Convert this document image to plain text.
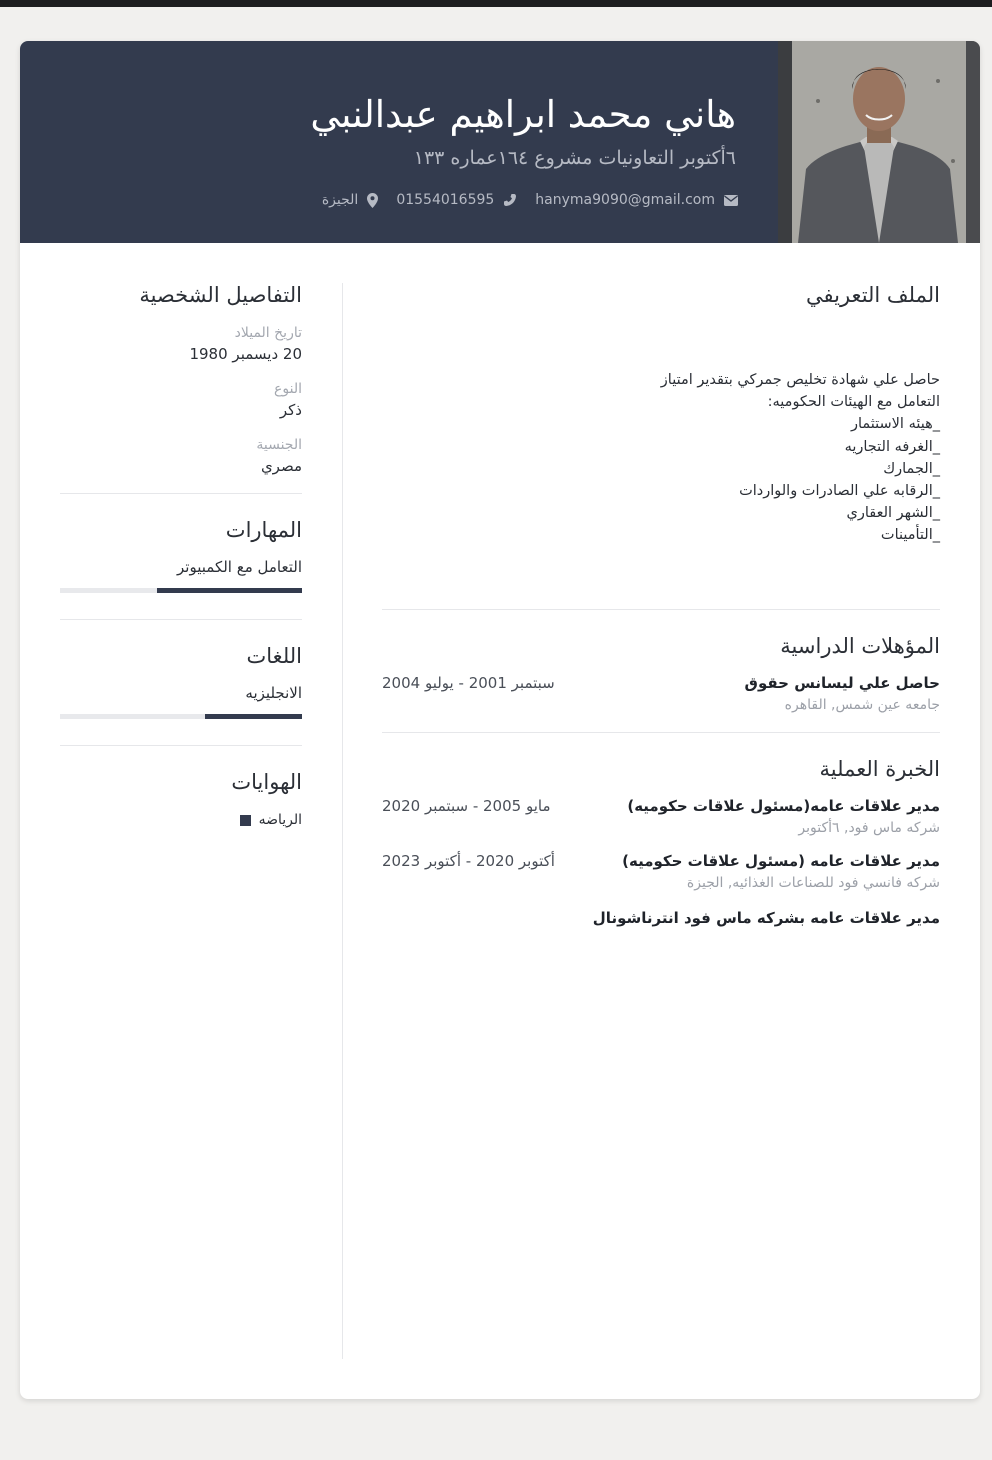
هاني محمد ابراهيم عبدالنبي
٦أكتوبر التعاونيات مشروع ١٦٤عماره ١٣٣
hanyma9090@gmail.com
01554016595
الجيزة
التفاصيل الشخصية
تاريخ الميلاد
20 ديسمبر 1980
النوع
ذكر
الجنسية
مصري
المهارات
التعامل مع الكمبيوتر
اللغات
الانجليزيه
الهوايات
الرياضه
الملف التعريفي
حاصل علي شهادة تخليص جمركي بتقدير امتياز
التعامل مع الهيئات الحكوميه:
_هيئه الاستثمار
_الغرفه التجاريه
_الجمارك
_الرقابه علي الصادرات والواردات
_الشهر العقاري
_التأمينات
المؤهلات الدراسية
حاصل علي ليسانس حقوق
جامعه عين شمس, القاهره
سبتمبر 2001 - يوليو 2004
الخبرة العملية
مدير علاقات عامه(مسئول علاقات حكوميه)
شركه ماس فود, ٦أكتوبر
مايو 2005 - سبتمبر 2020
مدير علاقات عامه (مسئول علاقات حكوميه)
شركه فانسي فود للصناعات الغذائيه, الجيزة
أكتوبر 2020 - أكتوبر 2023
مدير علاقات عامه بشركه ماس فود انترناشونال
